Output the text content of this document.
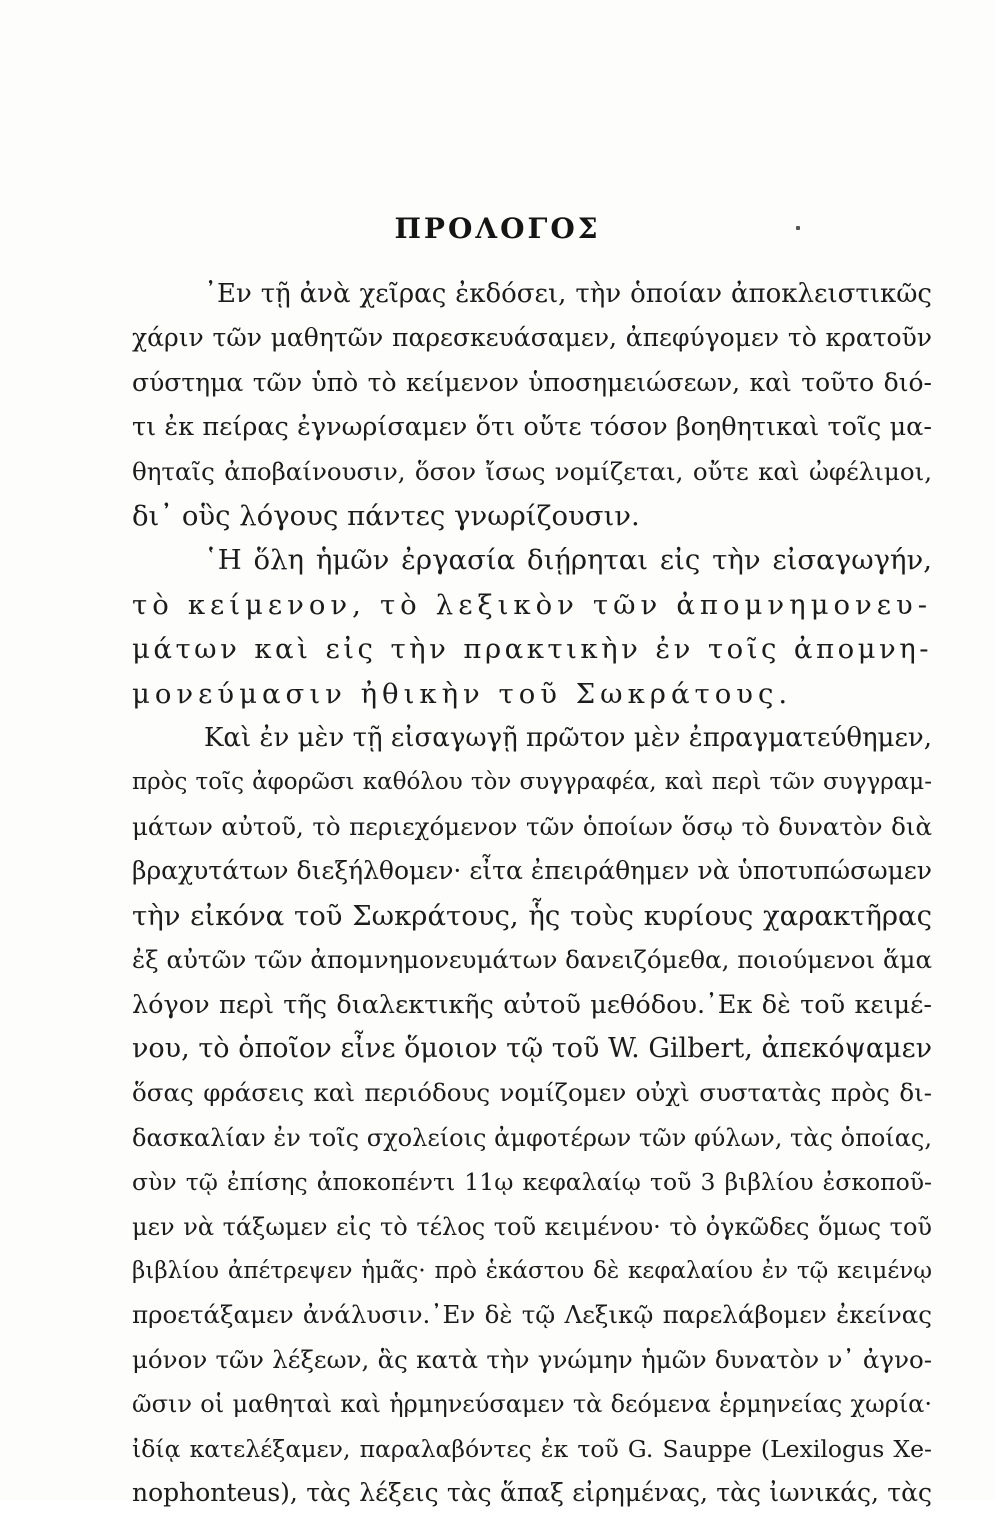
ΠΡΟΛΟΓΟΣ
᾿Εν τῇ ἀνὰ χεῖρας ἐκδόσει, τὴν ὁποίαν ἀποκλειστικῶς
χάριν τῶν μαθητῶν παρεσκευάσαμεν, ἀπεφύγομεν τὸ κρατοῦν
σύστημα τῶν ὑπὸ τὸ κείμενον ὑποσημειώσεων, καὶ τοῦτο διό-
τι ἐκ πείρας ἐγνωρίσαμεν ὅτι οὔτε τόσον βοηθητικαὶ τοῖς μα-
θηταῖς ἀποβαίνουσιν, ὅσον ἴσως νομίζεται, οὔτε καὶ ὠφέλιμοι,
δι᾿ οὓς λόγους πάντες γνωρίζουσιν.
῾Η ὅλη ἡμῶν ἐργασία διῄρηται εἰς τὴν εἰσαγωγήν,
τὸ κείμενον, τὸ λεξικὸν τῶν ἀπομνημονευ-
μάτων καὶ εἰς τὴν πρακτικὴν ἐν τοῖς ἀπομνη-
μονεύμασιν ἠθικὴν τοῦ Σωκράτους.
Καὶ ἐν μὲν τῇ εἰσαγωγῇ πρῶτον μὲν ἐπραγματεύθημεν,
πρὸς τοῖς ἀφορῶσι καθόλου τὸν συγγραφέα, καὶ περὶ τῶν συγγραμ-
μάτων αὐτοῦ, τὸ περιεχόμενον τῶν ὁποίων ὅσῳ τὸ δυνατὸν διὰ
βραχυτάτων διεξήλθομεν· εἶτα ἐπειράθημεν νὰ ὑποτυπώσωμεν
τὴν εἰκόνα τοῦ Σωκράτους, ἧς τοὺς κυρίους χαρακτῆρας
ἐξ αὐτῶν τῶν ἀπομνημονευμάτων δανειζόμεθα, ποιούμενοι ἅμα
λόγον περὶ τῆς διαλεκτικῆς αὐτοῦ μεθόδου.᾿Εκ δὲ τοῦ κειμέ-
νου, τὸ ὁποῖον εἶνε ὅμοιον τῷ τοῦ W. Gilbert, ἀπεκόψαμεν
ὅσας φράσεις καὶ περιόδους νομίζομεν οὐχὶ συστατὰς πρὸς δι-
δασκαλίαν ἐν τοῖς σχολείοις ἀμφοτέρων τῶν φύλων, τὰς ὁποίας,
σὺν τῷ ἐπίσης ἀποκοπέντι 11ῳ κεφαλαίῳ τοῦ 3 βιβλίου ἐσκοποῦ-
μεν νὰ τάξωμεν εἰς τὸ τέλος τοῦ κειμένου· τὸ ὀγκῶδες ὅμως τοῦ
βιβλίου ἀπέτρεψεν ἡμᾶς· πρὸ ἑκάστου δὲ κεφαλαίου ἐν τῷ κειμένῳ
προετάξαμεν ἀνάλυσιν.᾿Εν δὲ τῷ Λεξικῷ παρελάβομεν ἐκείνας
μόνον τῶν λέξεων, ἃς κατὰ τὴν γνώμην ἡμῶν δυνατὸν ν᾿ ἀγνο-
ῶσιν οἱ μαθηταὶ καὶ ἡρμηνεύσαμεν τὰ δεόμενα ἑρμηνείας χωρία·
ἰδίᾳ κατελέξαμεν, παραλαβόντες ἐκ τοῦ G. Sauppe (Lexilogus Xe-
nophonteus), τὰς λέξεις τὰς ἅπαξ εἰρημένας, τὰς ἰωνικάς, τὰς
